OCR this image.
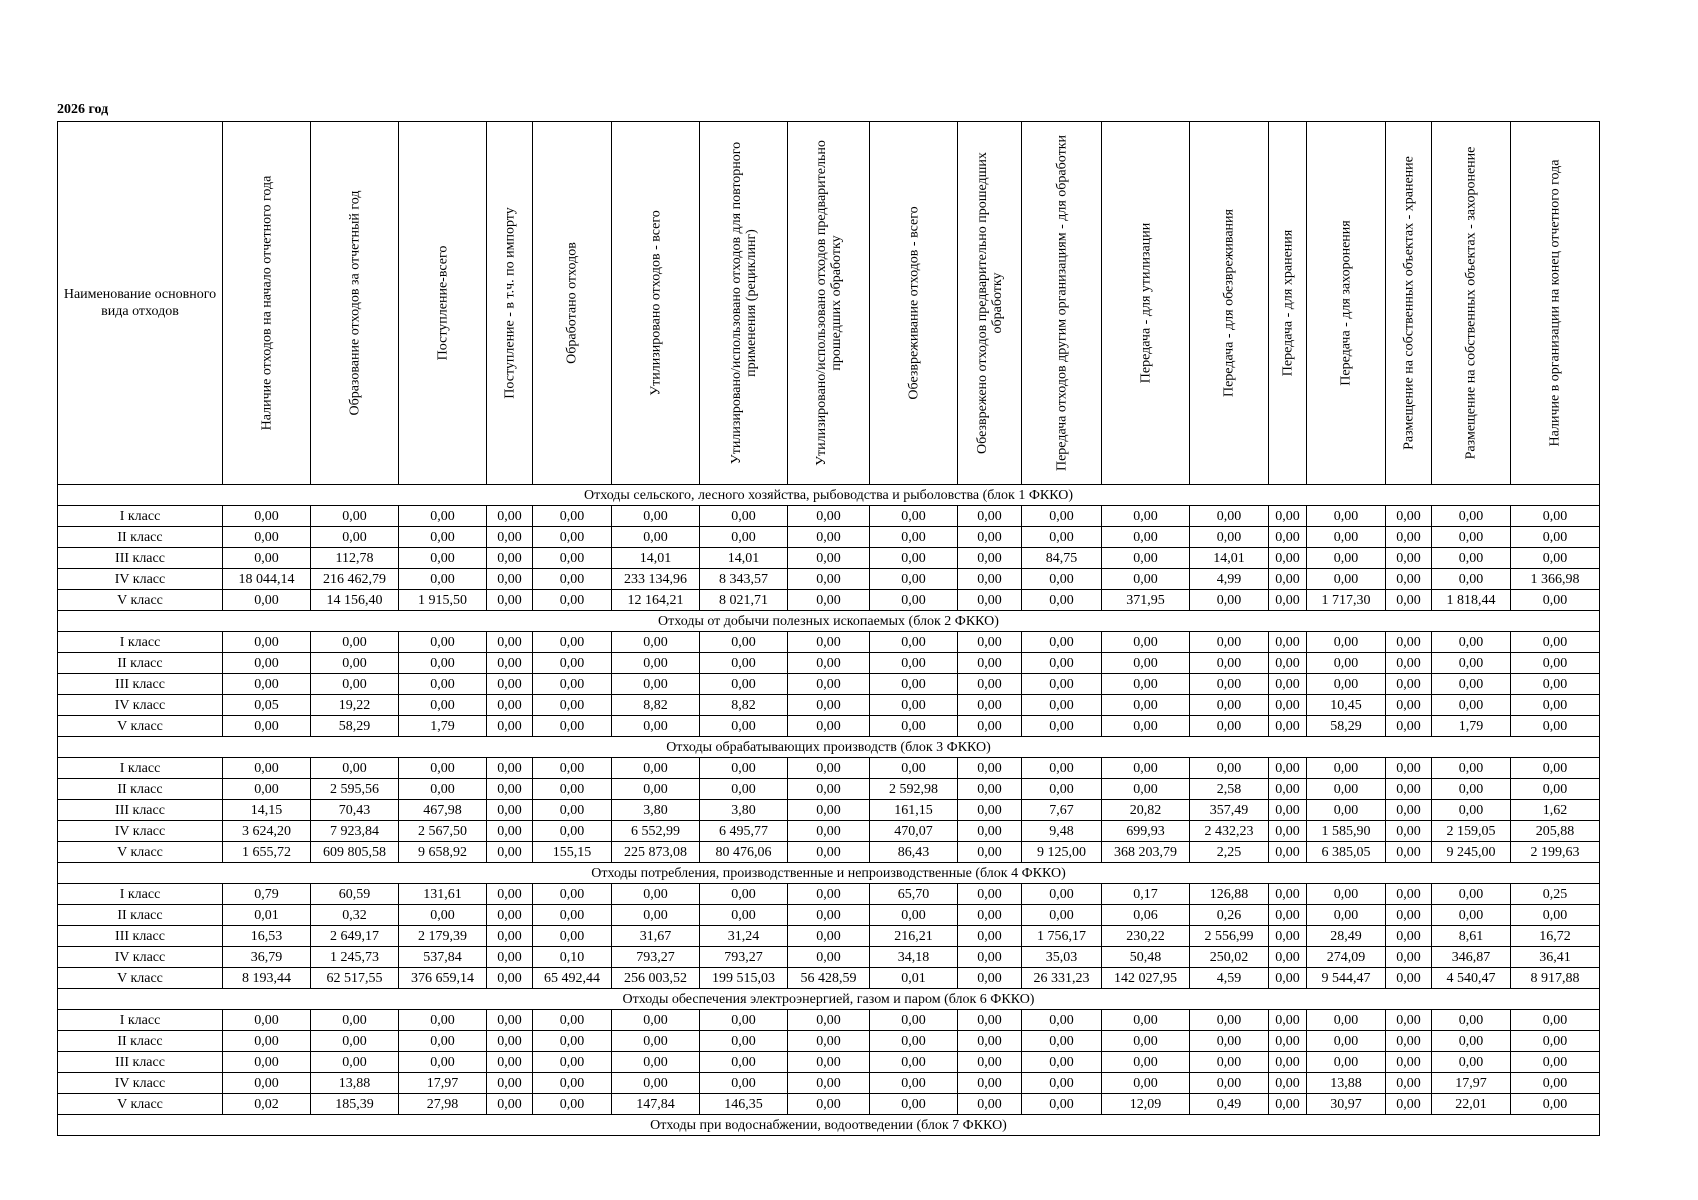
2026 год
Наименование основного вида отходов	Наличие отходов на начало отчетного года	Образование отходов за отчетный год	Поступление-всего	Поступление - в т.ч. по импорту	Обработано отходов	Утилизировано отходов - всего	Утилизировано/использовано отходов для повторного применения (рециклинг)	Утилизировано/использовано отходов предварительно прошедших обработку	Обезвреживание отходов - всего	Обезврежено отходов предварительно прошедших обработку	Передача отходов другим организациям - для обработки	Передача - для утилизации	Передача - для обезвреживания	Передача - для хранения	Передача - для захоронения	Размещение на собственных объектах - хранение	Размещение на собственных объектах - захоронение	Наличие в организации на конец отчетного года

Отходы сельского, лесного хозяйства, рыбоводства и рыболовства (блок 1 ФККО)																		
I класс	0,00	0,00	0,00	0,00	0,00	0,00	0,00	0,00	0,00	0,00	0,00	0,00	0,00	0,00	0,00	0,00	0,00	0,00
II класс	0,00	0,00	0,00	0,00	0,00	0,00	0,00	0,00	0,00	0,00	0,00	0,00	0,00	0,00	0,00	0,00	0,00	0,00
III класс	0,00	112,78	0,00	0,00	0,00	14,01	14,01	0,00	0,00	0,00	84,75	0,00	14,01	0,00	0,00	0,00	0,00	0,00
IV класс	18 044,14	216 462,79	0,00	0,00	0,00	233 134,96	8 343,57	0,00	0,00	0,00	0,00	0,00	4,99	0,00	0,00	0,00	0,00	1 366,98
V класс	0,00	14 156,40	1 915,50	0,00	0,00	12 164,21	8 021,71	0,00	0,00	0,00	0,00	371,95	0,00	0,00	1 717,30	0,00	1 818,44	0,00
Отходы от добычи полезных ископаемых (блок 2 ФККО)																		
I класс	0,00	0,00	0,00	0,00	0,00	0,00	0,00	0,00	0,00	0,00	0,00	0,00	0,00	0,00	0,00	0,00	0,00	0,00
II класс	0,00	0,00	0,00	0,00	0,00	0,00	0,00	0,00	0,00	0,00	0,00	0,00	0,00	0,00	0,00	0,00	0,00	0,00
III класс	0,00	0,00	0,00	0,00	0,00	0,00	0,00	0,00	0,00	0,00	0,00	0,00	0,00	0,00	0,00	0,00	0,00	0,00
IV класс	0,05	19,22	0,00	0,00	0,00	8,82	8,82	0,00	0,00	0,00	0,00	0,00	0,00	0,00	10,45	0,00	0,00	0,00
V класс	0,00	58,29	1,79	0,00	0,00	0,00	0,00	0,00	0,00	0,00	0,00	0,00	0,00	0,00	58,29	0,00	1,79	0,00
Отходы обрабатывающих производств (блок 3 ФККО)																		
I класс	0,00	0,00	0,00	0,00	0,00	0,00	0,00	0,00	0,00	0,00	0,00	0,00	0,00	0,00	0,00	0,00	0,00	0,00
II класс	0,00	2 595,56	0,00	0,00	0,00	0,00	0,00	0,00	2 592,98	0,00	0,00	0,00	2,58	0,00	0,00	0,00	0,00	0,00
III класс	14,15	70,43	467,98	0,00	0,00	3,80	3,80	0,00	161,15	0,00	7,67	20,82	357,49	0,00	0,00	0,00	0,00	1,62
IV класс	3 624,20	7 923,84	2 567,50	0,00	0,00	6 552,99	6 495,77	0,00	470,07	0,00	9,48	699,93	2 432,23	0,00	1 585,90	0,00	2 159,05	205,88
V класс	1 655,72	609 805,58	9 658,92	0,00	155,15	225 873,08	80 476,06	0,00	86,43	0,00	9 125,00	368 203,79	2,25	0,00	6 385,05	0,00	9 245,00	2 199,63
Отходы потребления, производственные и непроизводственные (блок 4 ФККО)																		
I класс	0,79	60,59	131,61	0,00	0,00	0,00	0,00	0,00	65,70	0,00	0,00	0,17	126,88	0,00	0,00	0,00	0,00	0,25
II класс	0,01	0,32	0,00	0,00	0,00	0,00	0,00	0,00	0,00	0,00	0,00	0,06	0,26	0,00	0,00	0,00	0,00	0,00
III класс	16,53	2 649,17	2 179,39	0,00	0,00	31,67	31,24	0,00	216,21	0,00	1 756,17	230,22	2 556,99	0,00	28,49	0,00	8,61	16,72
IV класс	36,79	1 245,73	537,84	0,00	0,10	793,27	793,27	0,00	34,18	0,00	35,03	50,48	250,02	0,00	274,09	0,00	346,87	36,41
V класс	8 193,44	62 517,55	376 659,14	0,00	65 492,44	256 003,52	199 515,03	56 428,59	0,01	0,00	26 331,23	142 027,95	4,59	0,00	9 544,47	0,00	4 540,47	8 917,88
Отходы обеспечения электроэнергией, газом и паром (блок 6 ФККО)																		
I класс	0,00	0,00	0,00	0,00	0,00	0,00	0,00	0,00	0,00	0,00	0,00	0,00	0,00	0,00	0,00	0,00	0,00	0,00
II класс	0,00	0,00	0,00	0,00	0,00	0,00	0,00	0,00	0,00	0,00	0,00	0,00	0,00	0,00	0,00	0,00	0,00	0,00
III класс	0,00	0,00	0,00	0,00	0,00	0,00	0,00	0,00	0,00	0,00	0,00	0,00	0,00	0,00	0,00	0,00	0,00	0,00
IV класс	0,00	13,88	17,97	0,00	0,00	0,00	0,00	0,00	0,00	0,00	0,00	0,00	0,00	0,00	13,88	0,00	17,97	0,00
V класс	0,02	185,39	27,98	0,00	0,00	147,84	146,35	0,00	0,00	0,00	0,00	12,09	0,49	0,00	30,97	0,00	22,01	0,00
Отходы при водоснабжении, водоотведении (блок 7 ФККО)																		
